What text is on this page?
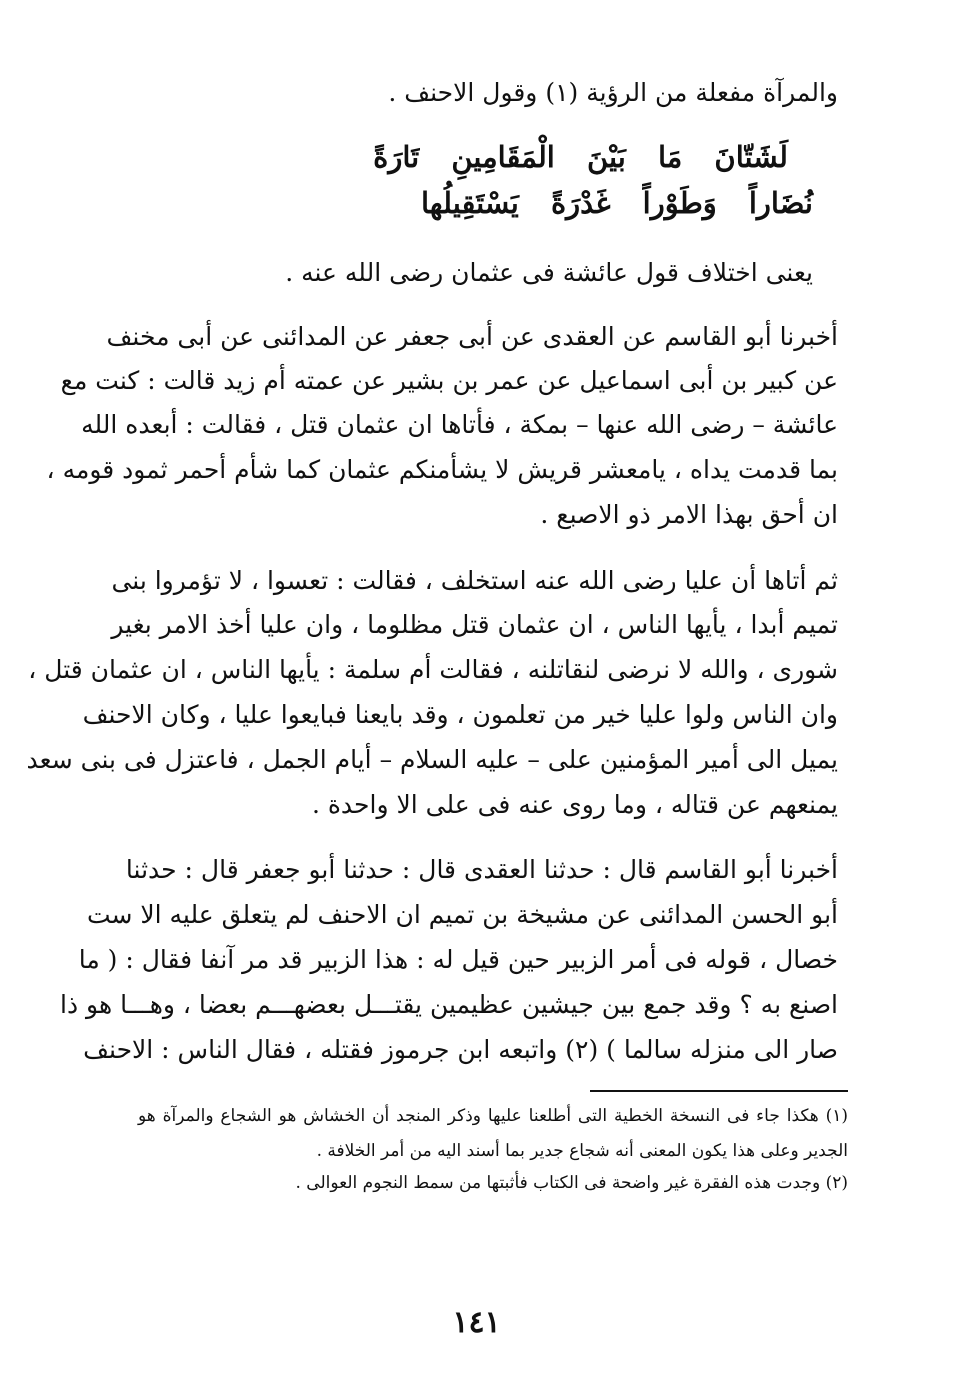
والمرآة مفعلة من الرؤية (١) وقول الاحنف .
لَشَتّانَ مَا بَيْنَ الْمَقَامِينِ تَارَةً
نُضَاراً وَطَوْراً غَدْرَةً يَسْتَقِيلُها
يعنى اختلاف قول عائشة فى عثمان رضى الله عنه .
أخبرنا أبو القاسم عن العقدى عن أبى جعفر عن المدائنى عن أبى مخنف
عن كبير بن أبى اسماعيل عن عمر بن بشير عن عمته أم زيد قالت : كنت مع
عائشة – رضى الله عنها – بمكة ، فأتاها ان عثمان قتل ، فقالت : أبعده الله
بما قدمت يداه ، يامعشر قريش لا يشأمنكم عثمان كما شأم أحمر ثمود قومه ،
ان أحق بهذا الامر ذو الاصبع .
ثم أتاها أن عليا رضى الله عنه استخلف ، فقالت : تعسوا ، لا تؤمروا بنى
تميم أبدا ، يأيها الناس ، ان عثمان قتل مظلوما ، وان عليا أخذ الامر بغير
شورى ، والله لا نرضى لنقاتلنه ، فقالت أم سلمة : يأيها الناس ، ان عثمان قتل ،
وان الناس ولوا عليا خير من تعلمون ، وقد بايعنا فبايعوا عليا ، وكان الاحنف
يميل الى أمير المؤمنين على – عليه السلام – أيام الجمل ، فاعتزل فى بنى سعد
يمنعهم عن قتاله ، وما روى عنه فى على الا واحدة .
أخبرنا أبو القاسم قال : حدثنا العقدى قال : حدثنا أبو جعفر قال : حدثنا
أبو الحسن المدائنى عن مشيخة بن تميم ان الاحنف لم يتعلق عليه الا ست
خصال ، قوله فى أمر الزبير حين قيل له : هذا الزبير قد مر آنفا فقال : ( ما
اصنع به ؟ وقد جمع بين جيشين عظيمين يقتـــل بعضهـــم بعضا ، وهـــا هو ذا
صار الى منزله سالما ) (٢) واتبعه ابن جرموز فقتله ، فقال الناس : الاحنف
(١) هكذا جاء فى النسخة الخطية التى أطلعنا عليها وذكر المنجد أن الخشاش هو الشجاع والمرآة هو
الجدير وعلى هذا يكون المعنى أنه شجاع جدير بما أسند اليه من أمر الخلافة .
(٢) وجدت هذه الفقرة غير واضحة فى الكتاب فأثبتها من سمط النجوم العوالى .
١٤١
